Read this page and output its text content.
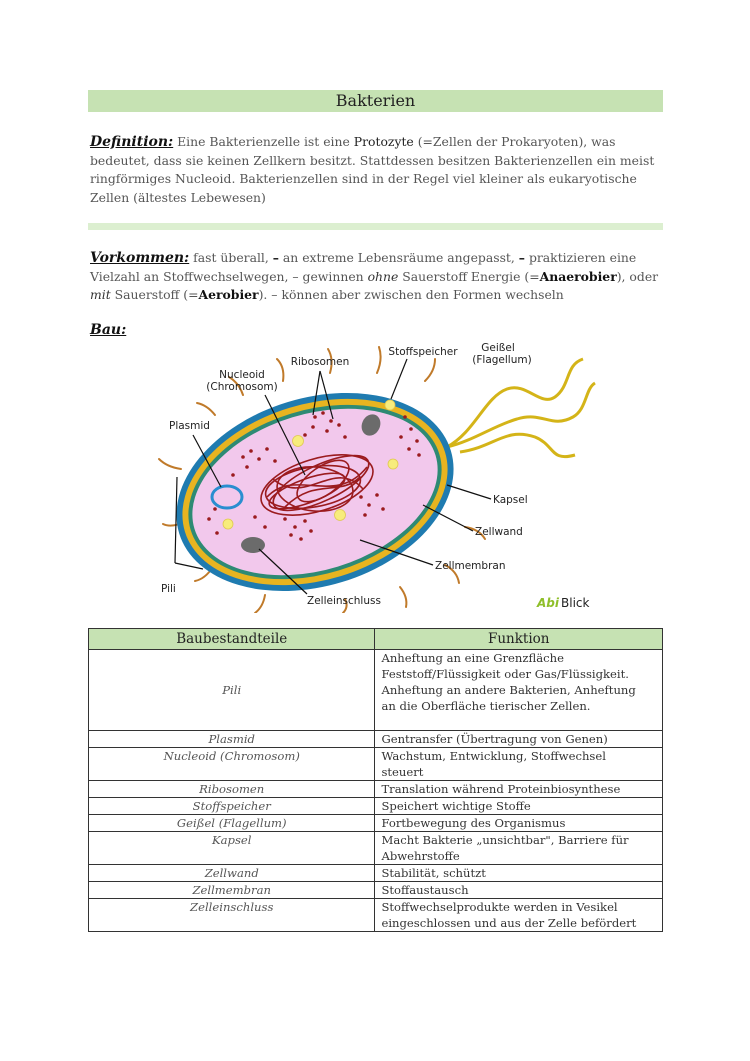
Bakterien

Definition: Eine Bakterienzelle ist eine Protozyte (=Zellen der Prokaryoten), was bedeutet, dass sie keinen Zellkern besitzt. Stattdessen besitzen Bakterienzellen ein meist ringförmiges Nucleoid. Bakterienzellen sind in der Regel viel kleiner als eukaryotische Zellen (ältestes Lebewesen)

Vorkommen: fast überall, – an extreme Lebensräume angepasst, – praktizieren eine Vielzahl an Stoffwechselwegen, – gewinnen ohne Sauerstoff Energie (=Anaerobier), oder mit Sauerstoff (=Aerobier). – können aber zwischen den Formen wechseln

Bau:
Nucleoid
(Chromosom)
Ribosomen
Stoffspeicher Geißel
(Flagellum)
Plasmid
Kapsel
Zellwand
Zellmembran
Pili
Zelleinschluss	Abi Blick
Baubestandteile	Funktion
Pili	Anheftung an eine Grenzfläche
Feststoff/Flüssigkeit oder Gas/Flüssigkeit.
Anheftung an andere Bakterien, Anheftung
an die Oberfläche tierischer Zellen.

Plasmid	Gentransfer (Übertragung von Genen)

Nucleoid (Chromosom)	Wachstum, Entwicklung, Stoffwechsel
steuert

Ribosomen	Translation während Proteinbiosynthese

Stoffspeicher	Speichert wichtige Stoffe

Geißel (Flagellum)	Fortbewegung des Organismus

Kapsel	Macht Bakterie „unsichtbar", Barriere für
Abwehrstoffe

Zellwand	Stabilität, schützt

Zellmembran	Stoffaustausch

Zelleinschluss	Stoffwechselprodukte werden in Vesikel
eingeschlossen und aus der Zelle befördert
